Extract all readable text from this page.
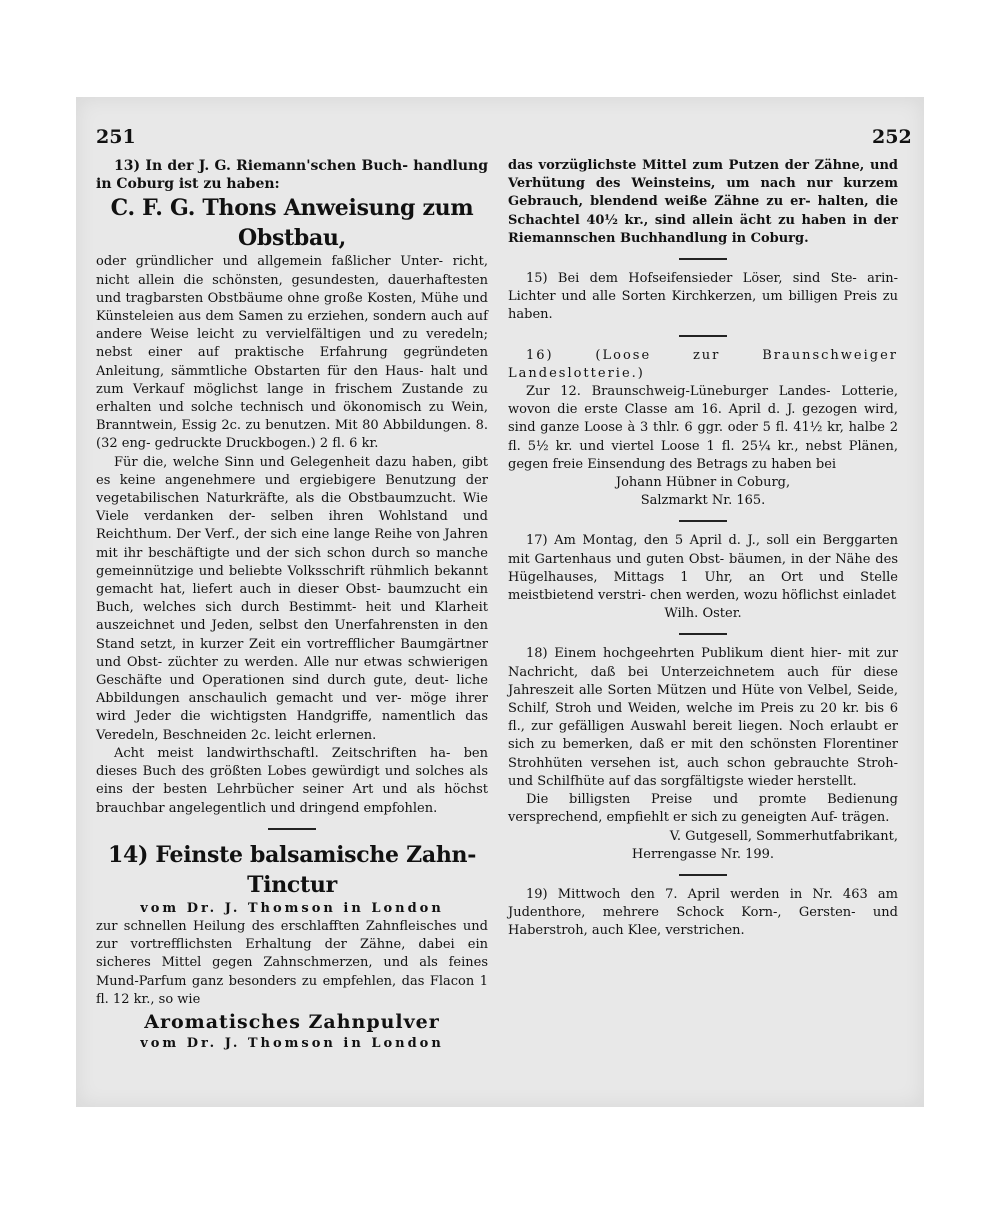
251	252

13) In der J. G. Riemann'schen Buch- handlung in Coburg ist zu haben:

C. F. G. Thons Anweisung zum Obstbau,

oder gründlicher und allgemein faßlicher Unter- richt, nicht allein die schönsten, gesundesten, dauerhaftesten und tragbarsten Obstbäume ohne große Kosten, Mühe und Künsteleien aus dem Samen zu erziehen, sondern auch auf andere Weise leicht zu vervielfältigen und zu veredeln; nebst einer auf praktische Erfahrung gegründeten Anleitung, sämmtliche Obstarten für den Haus- halt und zum Verkauf möglichst lange in frischem Zustande zu erhalten und solche technisch und ökonomisch zu Wein, Branntwein, Essig 2c. zu benutzen. Mit 80 Abbildungen. 8. (32 eng- gedruckte Druckbogen.) 2 fl. 6 kr.

Für die, welche Sinn und Gelegenheit dazu haben, gibt es keine angenehmere und ergiebigere Benutzung der vegetabilischen Naturkräfte, als die Obstbaumzucht. Wie Viele verdanken der- selben ihren Wohlstand und Reichthum. Der Verf., der sich eine lange Reihe von Jahren mit ihr beschäftigte und der sich schon durch so manche gemeinnützige und beliebte Volksschrift rühmlich bekannt gemacht hat, liefert auch in dieser Obst- baumzucht ein Buch, welches sich durch Bestimmt- heit und Klarheit auszeichnet und Jeden, selbst den Unerfahrensten in den Stand setzt, in kurzer Zeit ein vortrefflicher Baumgärtner und Obst- züchter zu werden. Alle nur etwas schwierigen Geschäfte und Operationen sind durch gute, deut- liche Abbildungen anschaulich gemacht und ver- möge ihrer wird Jeder die wichtigsten Handgriffe, namentlich das Veredeln, Beschneiden 2c. leicht erlernen.

Acht meist landwirthschaftl. Zeitschriften ha- ben dieses Buch des größten Lobes gewürdigt und solches als eins der besten Lehrbücher seiner Art und als höchst brauchbar angelegentlich und dringend empfohlen.

14) Feinste balsamische Zahn-Tinctur

vom Dr. J. Thomson in London

zur schnellen Heilung des erschlafften Zahnfleisches und zur vortrefflichsten Erhaltung der Zähne, dabei ein sicheres Mittel gegen Zahnschmerzen, und als feines Mund-Parfum ganz besonders zu empfehlen, das Flacon 1 fl. 12 kr., so wie

Aromatisches Zahnpulver

vom Dr. J. Thomson in London

das vorzüglichste Mittel zum Putzen der Zähne, und Verhütung des Weinsteins, um nach nur kurzem Gebrauch, blendend weiße Zähne zu er- halten, die Schachtel 40½ kr., sind allein ächt zu haben in der Riemannschen Buchhandlung in Coburg.

15) Bei dem Hofseifensieder Löser, sind Ste- arin-Lichter und alle Sorten Kirchkerzen, um billigen Preis zu haben.

16) (Loose zur Braunschweiger Landeslotterie.)

Zur 12. Braunschweig-Lüneburger Landes- Lotterie, wovon die erste Classe am 16. April d. J. gezogen wird, sind ganze Loose à 3 thlr. 6 ggr. oder 5 fl. 41½ kr, halbe 2 fl. 5½ kr. und viertel Loose 1 fl. 25¼ kr., nebst Plänen, gegen freie Einsendung des Betrags zu haben bei

Johann Hübner in Coburg,

Salzmarkt Nr. 165.

17) Am Montag, den 5 April d. J., soll ein Berggarten mit Gartenhaus und guten Obst- bäumen, in der Nähe des Hügelhauses, Mittags 1 Uhr, an Ort und Stelle meistbietend verstri- chen werden, wozu höflichst einladet

Wilh. Oster.

18) Einem hochgeehrten Publikum dient hier- mit zur Nachricht, daß bei Unterzeichnetem auch für diese Jahreszeit alle Sorten Mützen und Hüte von Velbel, Seide, Schilf, Stroh und Weiden, welche im Preis zu 20 kr. bis 6 fl., zur gefälligen Auswahl bereit liegen. Noch erlaubt er sich zu bemerken, daß er mit den schönsten Florentiner Strohhüten versehen ist, auch schon gebrauchte Stroh- und Schilfhüte auf das sorgfältigste wieder herstellt.

Die billigsten Preise und promte Bedienung versprechend, empfiehlt er sich zu geneigten Auf- trägen.

V. Gutgesell, Sommerhutfabrikant,

Herrengasse Nr. 199.

19) Mittwoch den 7. April werden in Nr. 463 am Judenthore, mehrere Schock Korn-, Gersten- und Haberstroh, auch Klee, verstrichen.
